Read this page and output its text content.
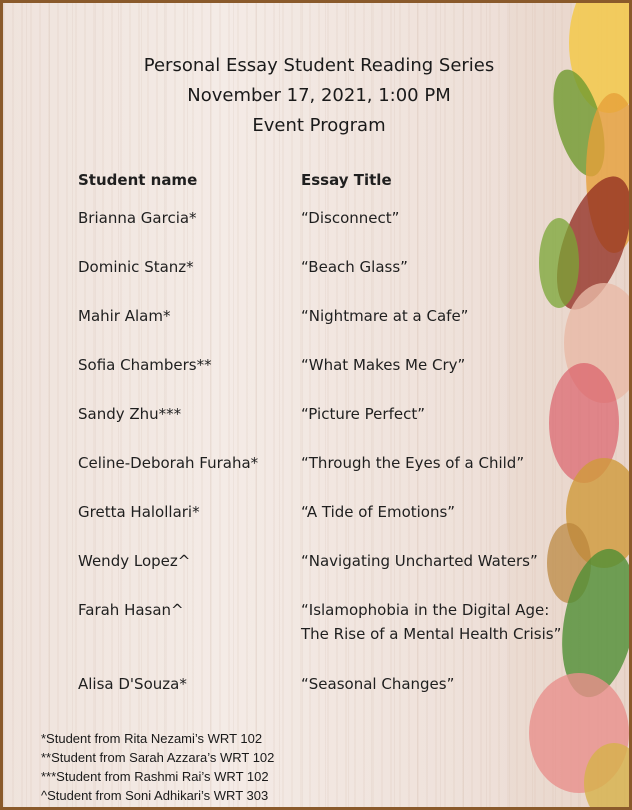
Personal Essay Student Reading Series
November 17, 2021, 1:00 PM
Event Program
Student name	Essay Title
Brianna Garcia*	“Disconnect”
Dominic Stanz*	“Beach Glass”
Mahir Alam*	“Nightmare at a Cafe”
Sofia Chambers**	“What Makes Me Cry”
Sandy Zhu***	“Picture Perfect”
Celine-Deborah Furaha*	“Through the Eyes of a Child”
Gretta Halollari*	“A Tide of Emotions”
Wendy Lopez^	“Navigating Uncharted Waters”
Farah Hasan^	“Islamophobia in the Digital Age: The Rise of a Mental Health Crisis”
Alisa D'Souza*	“Seasonal Changes”
*Student from Rita Nezami’s WRT 102
**Student from Sarah Azzara’s WRT 102
***Student from Rashmi Rai’s WRT 102
^Student from Soni Adhikari’s WRT 303
